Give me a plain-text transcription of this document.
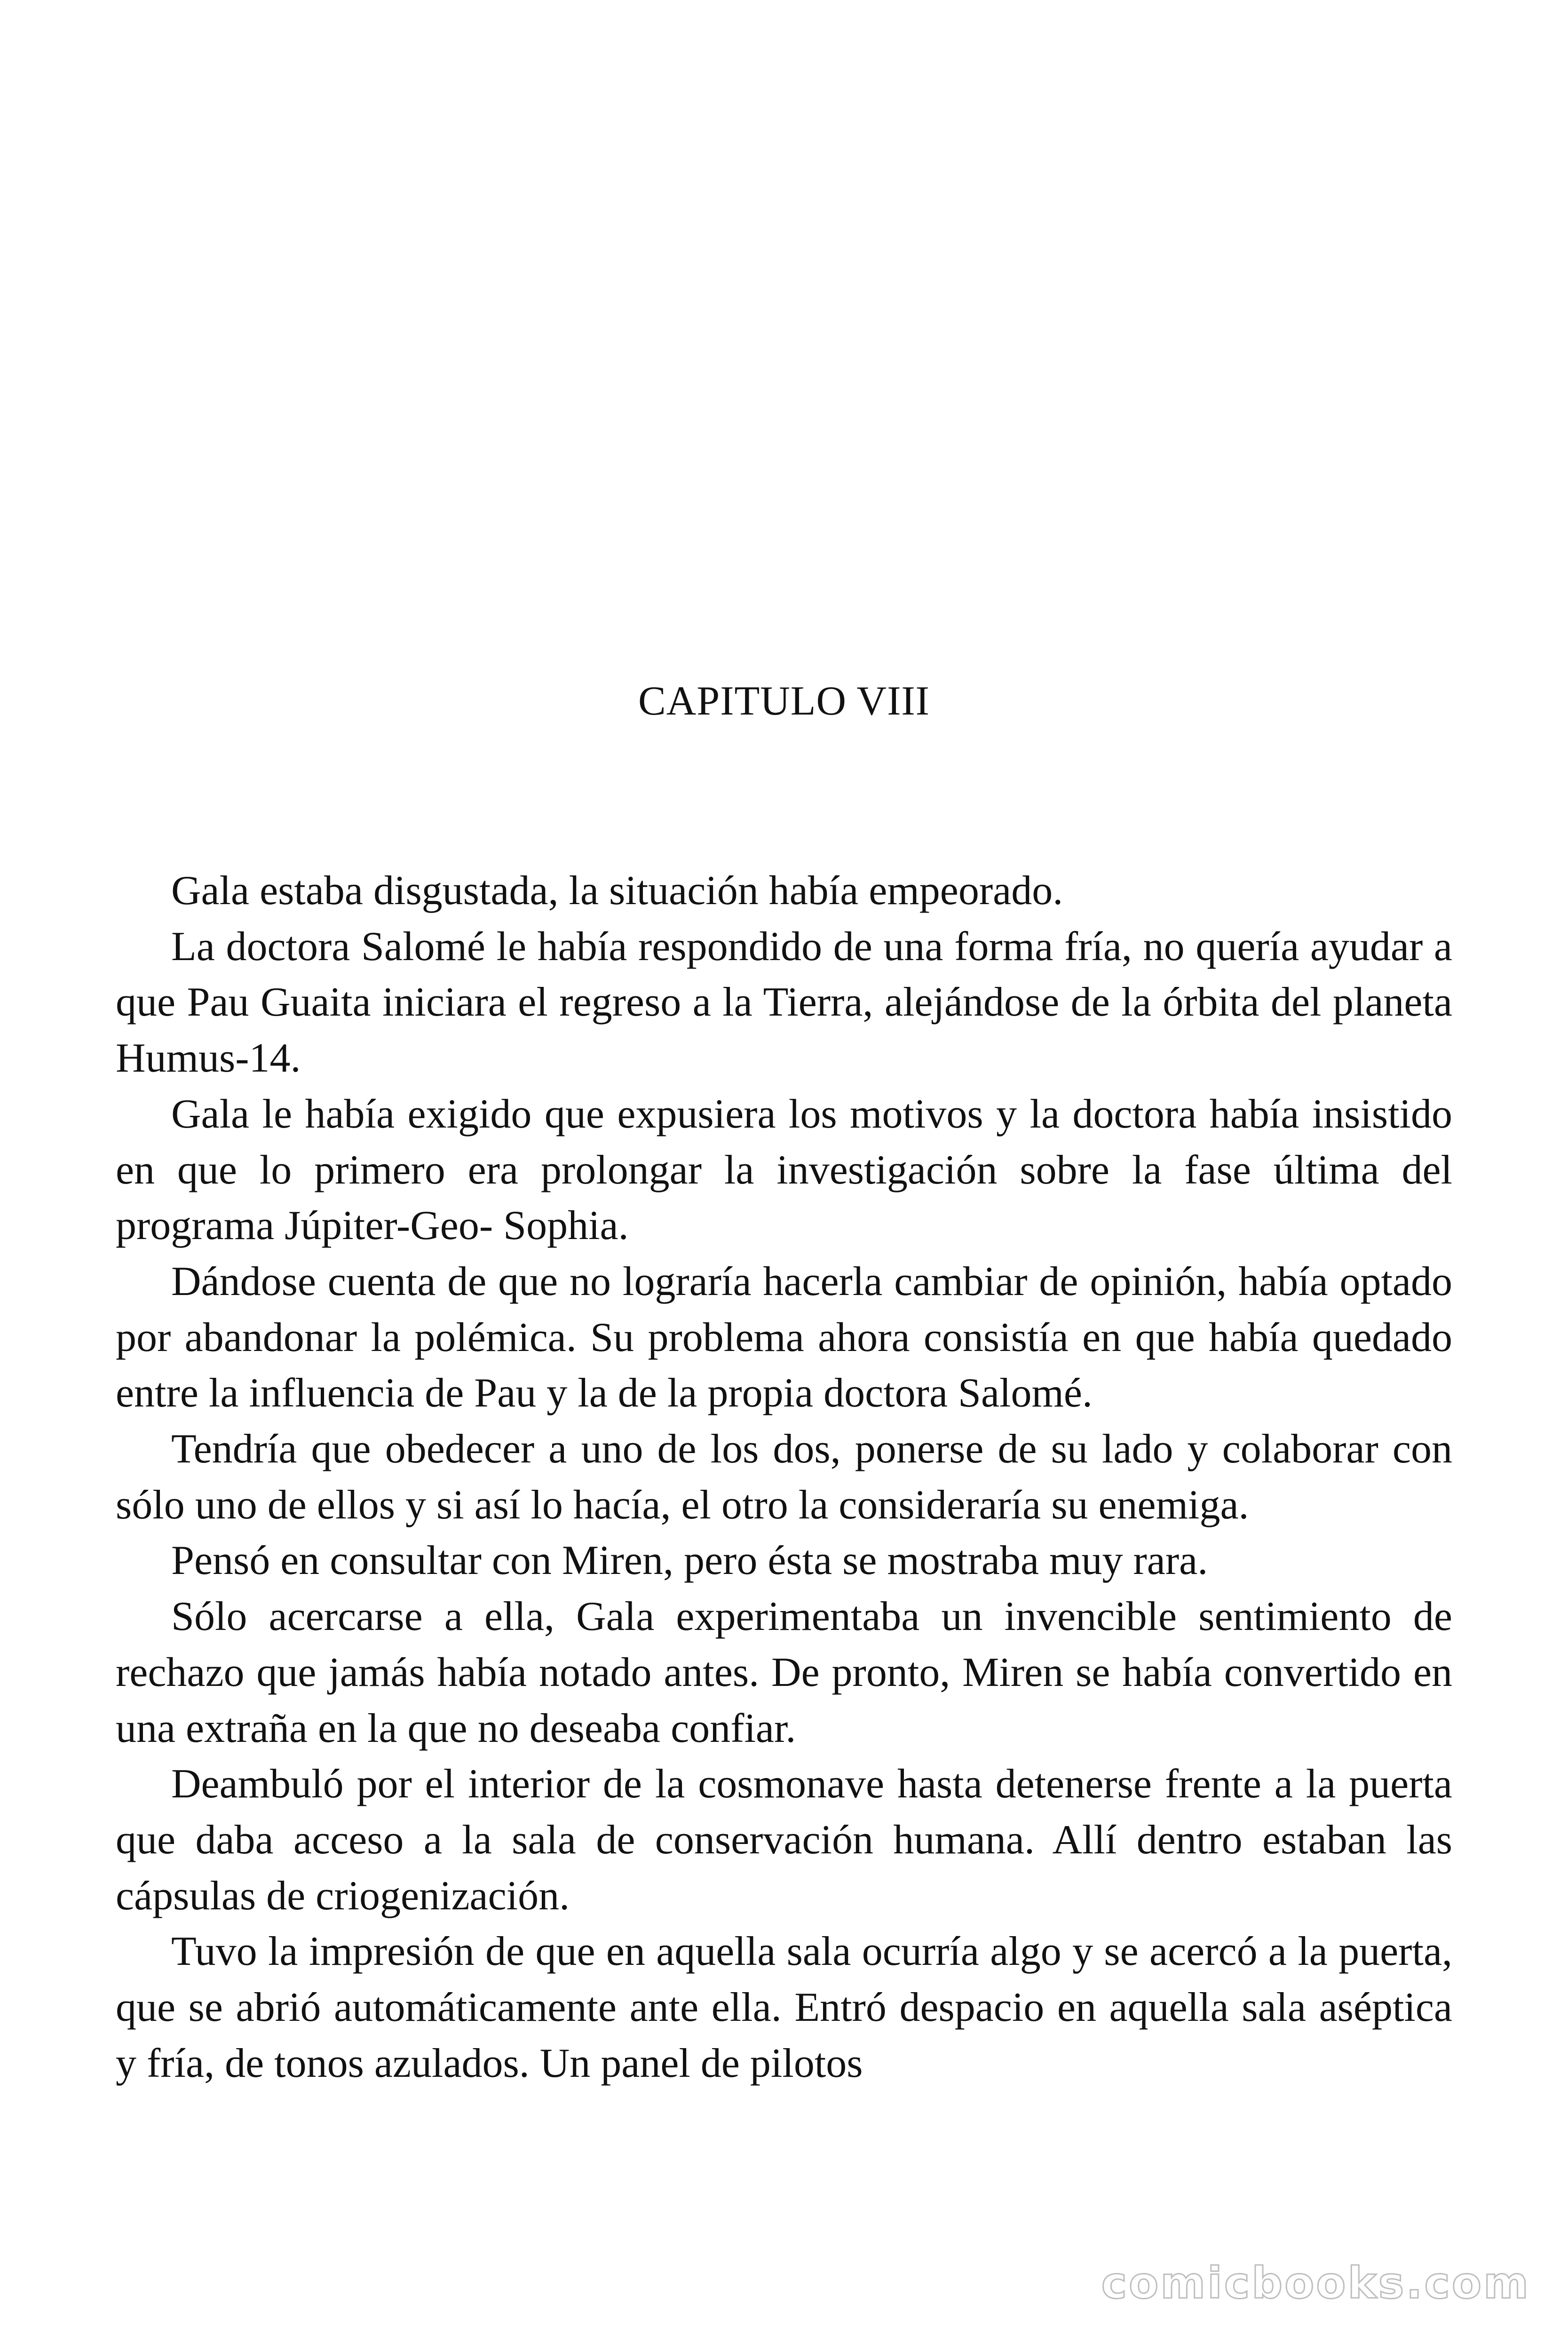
CAPITULO VIII

Gala estaba disgustada, la situación había empeorado.

La doctora Salomé le había respondido de una forma fría, no quería ayudar a que Pau Guaita iniciara el regreso a la Tierra, alejándose de la órbita del planeta Humus-14.

Gala le había exigido que expusiera los motivos y la doctora había insistido en que lo primero era prolongar la investigación sobre la fase última del programa Júpiter-Geo- Sophia.

Dándose cuenta de que no lograría hacerla cambiar de opinión, había optado por abandonar la polémica. Su problema ahora consistía en que había quedado entre la influencia de Pau y la de la propia doctora Salomé.

Tendría que obedecer a uno de los dos, ponerse de su lado y colaborar con sólo uno de ellos y si así lo hacía, el otro la consideraría su enemiga.

Pensó en consultar con Miren, pero ésta se mostraba muy rara.

Sólo acercarse a ella, Gala experimentaba un invencible sentimiento de rechazo que jamás había notado antes. De pronto, Miren se había convertido en una extraña en la que no deseaba confiar.

Deambuló por el interior de la cosmonave hasta detenerse frente a la puerta que daba acceso a la sala de conservación humana. Allí dentro estaban las cápsulas de criogenización.

Tuvo la impresión de que en aquella sala ocurría algo y se acercó a la puerta, que se abrió automáticamente ante ella. Entró despacio en aquella sala aséptica y fría, de tonos azulados. Un panel de pilotos

comicbooks.com
